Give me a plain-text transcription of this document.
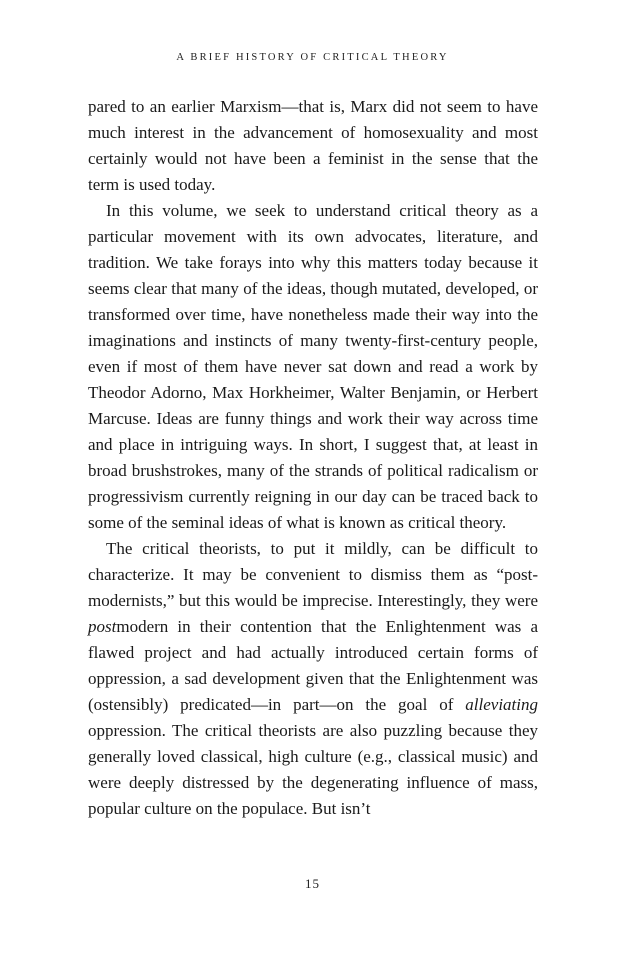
A BRIEF HISTORY OF CRITICAL THEORY

pared to an earlier Marxism—that is, Marx did not seem to have much interest in the advancement of homosexuality and most certainly would not have been a feminist in the sense that the term is used today.

In this volume, we seek to understand critical theory as a particular movement with its own advocates, literature, and tradition. We take forays into why this matters today because it seems clear that many of the ideas, though mutated, developed, or transformed over time, have nonetheless made their way into the imaginations and instincts of many twenty-first-century people, even if most of them have never sat down and read a work by Theodor Adorno, Max Horkheimer, Walter Benjamin, or Herbert Marcuse. Ideas are funny things and work their way across time and place in intriguing ways. In short, I suggest that, at least in broad brushstrokes, many of the strands of political radicalism or progressivism currently reigning in our day can be traced back to some of the seminal ideas of what is known as critical theory.

The critical theorists, to put it mildly, can be difficult to characterize. It may be convenient to dismiss them as “post-modernists,” but this would be imprecise. Interestingly, they were postmodern in their contention that the Enlightenment was a flawed project and had actually introduced certain forms of oppression, a sad development given that the Enlightenment was (ostensibly) predicated—in part—on the goal of alleviating oppression. The critical theorists are also puzzling because they generally loved classical, high culture (e.g., classical music) and were deeply distressed by the degenerating influence of mass, popular culture on the populace. But isn’t

15
